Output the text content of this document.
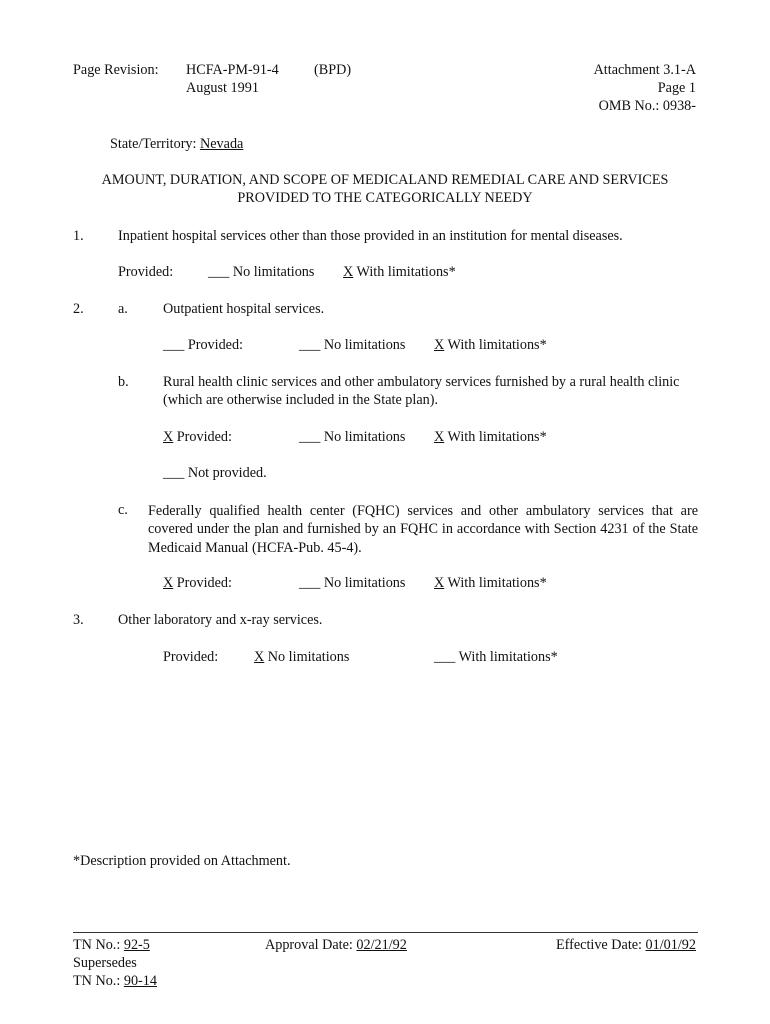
Page Revision: HCFA-PM-91-4 (BPD)
August 1991
Attachment 3.1-A
Page 1
OMB No.: 0938-
State/Territory: Nevada
AMOUNT, DURATION, AND SCOPE OF MEDICALAND REMEDIAL CARE AND SERVICES
PROVIDED TO THE CATEGORICALLY NEEDY
1. Inpatient hospital services other than those provided in an institution for mental diseases.
Provided: ___ No limitations X With limitations*
2. a. Outpatient hospital services.
___ Provided:	___ No limitations X With limitations*
b. Rural health clinic services and other ambulatory services furnished by a rural health clinic
(which are otherwise included in the State plan).
X Provided:	___ No limitations X With limitations*
___ Not provided.
c. Federally qualified health center (FQHC) services and other ambulatory services that are covered under the plan and furnished by an FQHC in accordance with Section 4231 of the State Medicaid Manual (HCFA-Pub. 45-4).
X Provided:	___ No limitations X With limitations*
3. Other laboratory and x-ray services.
Provided:	X No limitations	___ With limitations*
*Description provided on Attachment.
TN No.: 92-5
Supersedes
TN No.: 90-14
Approval Date: 02/21/92	Effective Date: 01/01/92
